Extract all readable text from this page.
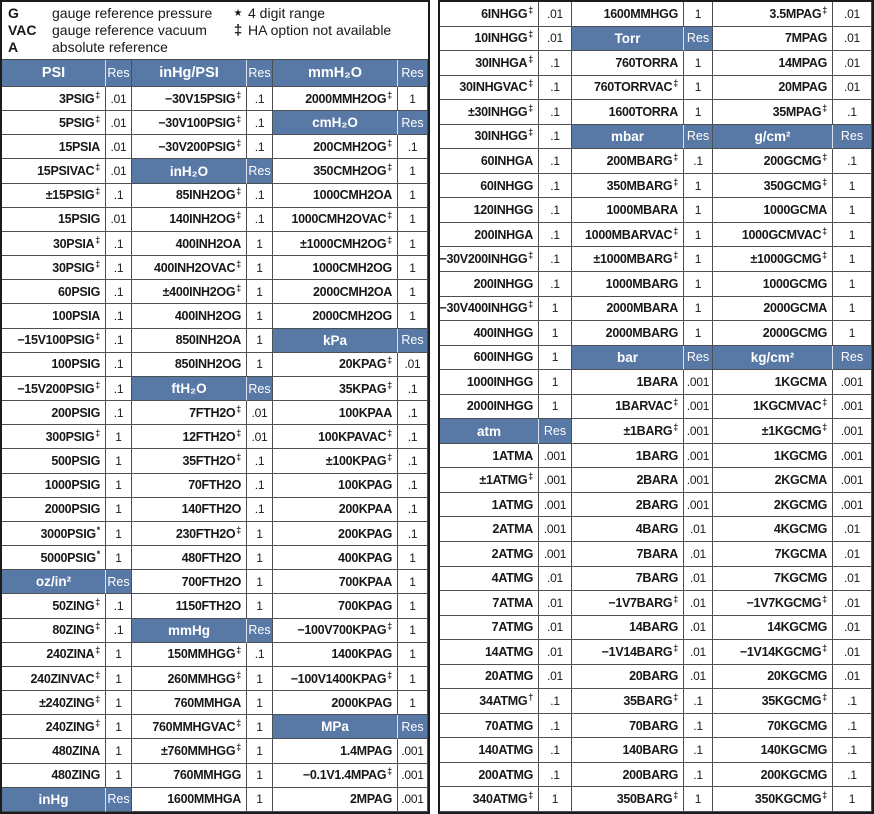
G	gauge reference pressure
VAC	gauge reference vacuum
A	absolute reference
★ 4 digit range
‡ HA option not available
PSI	Res	inHg/PSI	Res	mmH₂O	Res
3PSIG‡ .01	−30V15PSIG‡	.1	2000MMH2OG‡	1
5PSIG‡ .01	−30V100PSIG‡	.1	cmH₂O	Res
15PSIA .01	−30V200PSIG‡	.1	200CMH2OG‡	.1
15PSIVAC‡ .01	inH₂O	Res	350CMH2OG‡	1
±15PSIG‡	.1	85INH2OG‡	.1	1000CMH2OA	1
15PSIG .01	140INH2OG‡	.1	1000CMH2OVAC‡	1
30PSIA‡	.1	400INH2OA	1	±1000CMH2OG‡	1
30PSIG‡	.1	400INH2OVAC‡	1	1000CMH2OG	1
60PSIG	.1	±400INH2OG‡	1	2000CMH2OA	1
100PSIA	.1	400INH2OG	1	2000CMH2OG	1
−15V100PSIG‡	.1	850INH2OA	1	kPa	Res
100PSIG	.1	850INH2OG	1	20KPAG‡	.01
−15V200PSIG‡	.1	ftH₂O	Res	35KPAG‡	.1
200PSIG	.1	7FTH2O‡ .01	100KPAA	.1
300PSIG‡	1	12FTH2O‡ .01	100KPAVAC‡	.1
500PSIG	1	35FTH2O‡	.1	±100KPAG‡	.1
1000PSIG	1	70FTH2O	.1	100KPAG	.1
2000PSIG	1	140FTH2O	.1	200KPAA	.1
3000PSIG*	1	230FTH2O‡	1	200KPAG	.1
5000PSIG*	1	480FTH2O	1	400KPAG	1
oz/in²	Res	700FTH2O	1	700KPAA	1
50ZING‡	.1	1150FTH2O	1	700KPAG	1
80ZING‡	.1	mmHg	Res	−100V700KPAG‡	1
240ZINA‡	1	150MMHGG‡	.1	1400KPAG	1
240ZINVAC‡	1	260MMHGG‡	1	−100V1400KPAG‡	1
±240ZING‡	1	760MMHGA	1	2000KPAG	1
240ZING‡	1	760MMHGVAC‡	1	MPa	Res
480ZINA	1	±760MMHGG‡	1	1.4MPAG .001
480ZING	1	760MMHGG	1	−0.1V1.4MPAG‡ .001
inHg	Res	1600MMHGA	1	2MPAG .001
6INHGG‡	.01	1600MMHGG	1	3.5MPAG‡	.01
10INHGG‡	.01	Torr	Res	7MPAG	.01
30INHGA‡	.1	760TORRA	1	14MPAG	.01
30INHGVAC‡	.1	760TORRVAC‡	1	20MPAG	.01
±30INHGG‡	.1	1600TORRA	1	35MPAG‡	.1
30INHGG‡	.1	mbar	Res	g/cm²	Res
60INHGA	.1	200MBARG‡	.1	200GCMG‡	.1
60INHGG	.1	350MBARG‡	1	350GCMG‡	1
120INHGG	.1	1000MBARA	1	1000GCMA	1
200INHGA	.1	1000MBARVAC‡	1	1000GCMVAC‡	1
−30V200INHGG‡	.1	±1000MBARG‡	1	±1000GCMG‡	1
200INHGG	.1	1000MBARG	1	1000GCMG	1
−30V400INHGG‡	1	2000MBARA	1	2000GCMA	1
400INHGG	1	2000MBARG	1	2000GCMG	1
600INHGG	1	bar	Res	kg/cm²	Res
1000INHGG	1	1BARA .001	1KGCMA	.001
2000INHGG	1	1BARVAC‡ .001	1KGCMVAC‡	.001
atm	Res	±1BARG‡ .001	±1KGCMG‡	.001
1ATMA .001	1BARG .001	1KGCMG	.001
±1ATMG‡ .001	2BARA .001	2KGCMA	.001
1ATMG .001	2BARG .001	2KGCMG	.001
2ATMA .001	4BARG .01	4KGCMG	.01
2ATMG .001	7BARA .01	7KGCMA	.01
4ATMG	.01	7BARG .01	7KGCMG	.01
7ATMA	.01	−1V7BARG‡ .01	−1V7KGCMG‡	.01
7ATMG	.01	14BARG .01	14KGCMG	.01
14ATMG	.01	−1V14BARG‡ .01	−1V14KGCMG‡	.01
20ATMG	.01	20BARG .01	20KGCMG	.01
34ATMG†	.1	35BARG‡	.1	35KGCMG‡	.1
70ATMG	.1	70BARG	.1	70KGCMG	.1
140ATMG	.1	140BARG	.1	140KGCMG	.1
200ATMG	.1	200BARG	.1	200KGCMG	.1
340ATMG‡	1	350BARG‡	1	350KGCMG‡	1
